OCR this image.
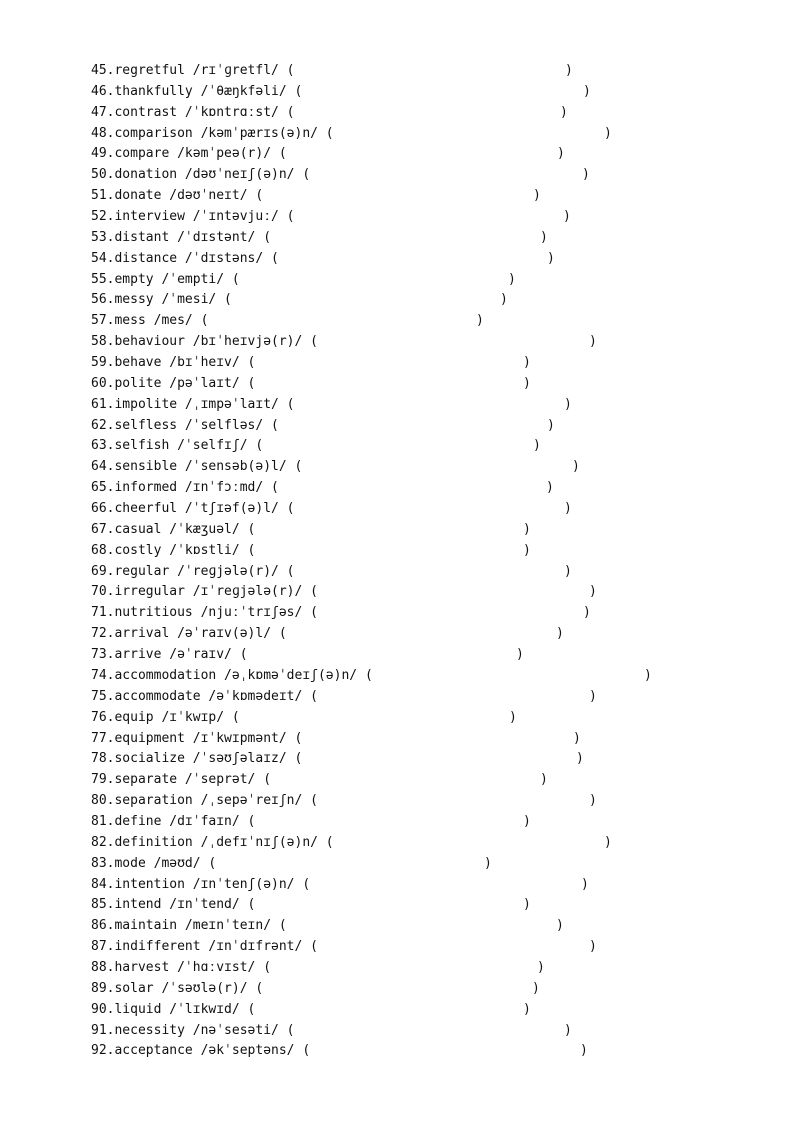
45.regretful /rɪˈɡretfl/ (	)
46.thankfully /ˈθæŋkfəli/ (	)
47.contrast /ˈkɒntrɑːst/ (	)
48.comparison /kəmˈpærɪs(ə)n/ (	)
49.compare /kəmˈpeə(r)/ (	)
50.donation /dəʊˈneɪʃ(ə)n/ (	)
51.donate /dəʊˈneɪt/ (	)
52.interview /ˈɪntəvjuː/ (	)
53.distant /ˈdɪstənt/ (	)
54.distance /ˈdɪstəns/ (	)
55.empty /ˈempti/ (	)
56.messy /ˈmesi/ (	)
57.mess /mes/ (	)
58.behaviour /bɪˈheɪvjə(r)/ (	)
59.behave /bɪˈheɪv/ (	)
60.polite /pəˈlaɪt/ (	)
61.impolite /ˌɪmpəˈlaɪt/ (	)
62.selfless /ˈselfləs/ (	)
63.selfish /ˈselfɪʃ/ (	)
64.sensible /ˈsensəb(ə)l/ (	)
65.informed /ɪnˈfɔːmd/ (	)
66.cheerful /ˈtʃɪəf(ə)l/ (	)
67.casual /ˈkæʒuəl/ (	)
68.costly /ˈkɒstli/ (	)
69.regular /ˈreɡjələ(r)/ (	)
70.irregular /ɪˈreɡjələ(r)/ (	)
71.nutritious /njuːˈtrɪʃəs/ (	)
72.arrival /əˈraɪv(ə)l/ (	)
73.arrive /əˈraɪv/ (	)
74.accommodation /əˌkɒməˈdeɪʃ(ə)n/ (	)
75.accommodate /əˈkɒmədeɪt/ (	)
76.equip /ɪˈkwɪp/ (	)
77.equipment /ɪˈkwɪpmənt/ (	)
78.socialize /ˈsəʊʃəlaɪz/ (	)
79.separate /ˈseprət/ (	)
80.separation /ˌsepəˈreɪʃn/ (	)
81.define /dɪˈfaɪn/ (	)
82.definition /ˌdefɪˈnɪʃ(ə)n/ (	)
83.mode /məʊd/ (	)
84.intention /ɪnˈtenʃ(ə)n/ (	)
85.intend /ɪnˈtend/ (	)
86.maintain /meɪnˈteɪn/ (	)
87.indifferent /ɪnˈdɪfrənt/ (	)
88.harvest /ˈhɑːvɪst/ (	)
89.solar /ˈsəʊlə(r)/ (	)
90.liquid /ˈlɪkwɪd/ (	)
91.necessity /nəˈsesəti/ (	)
92.acceptance /əkˈseptəns/ (	)
